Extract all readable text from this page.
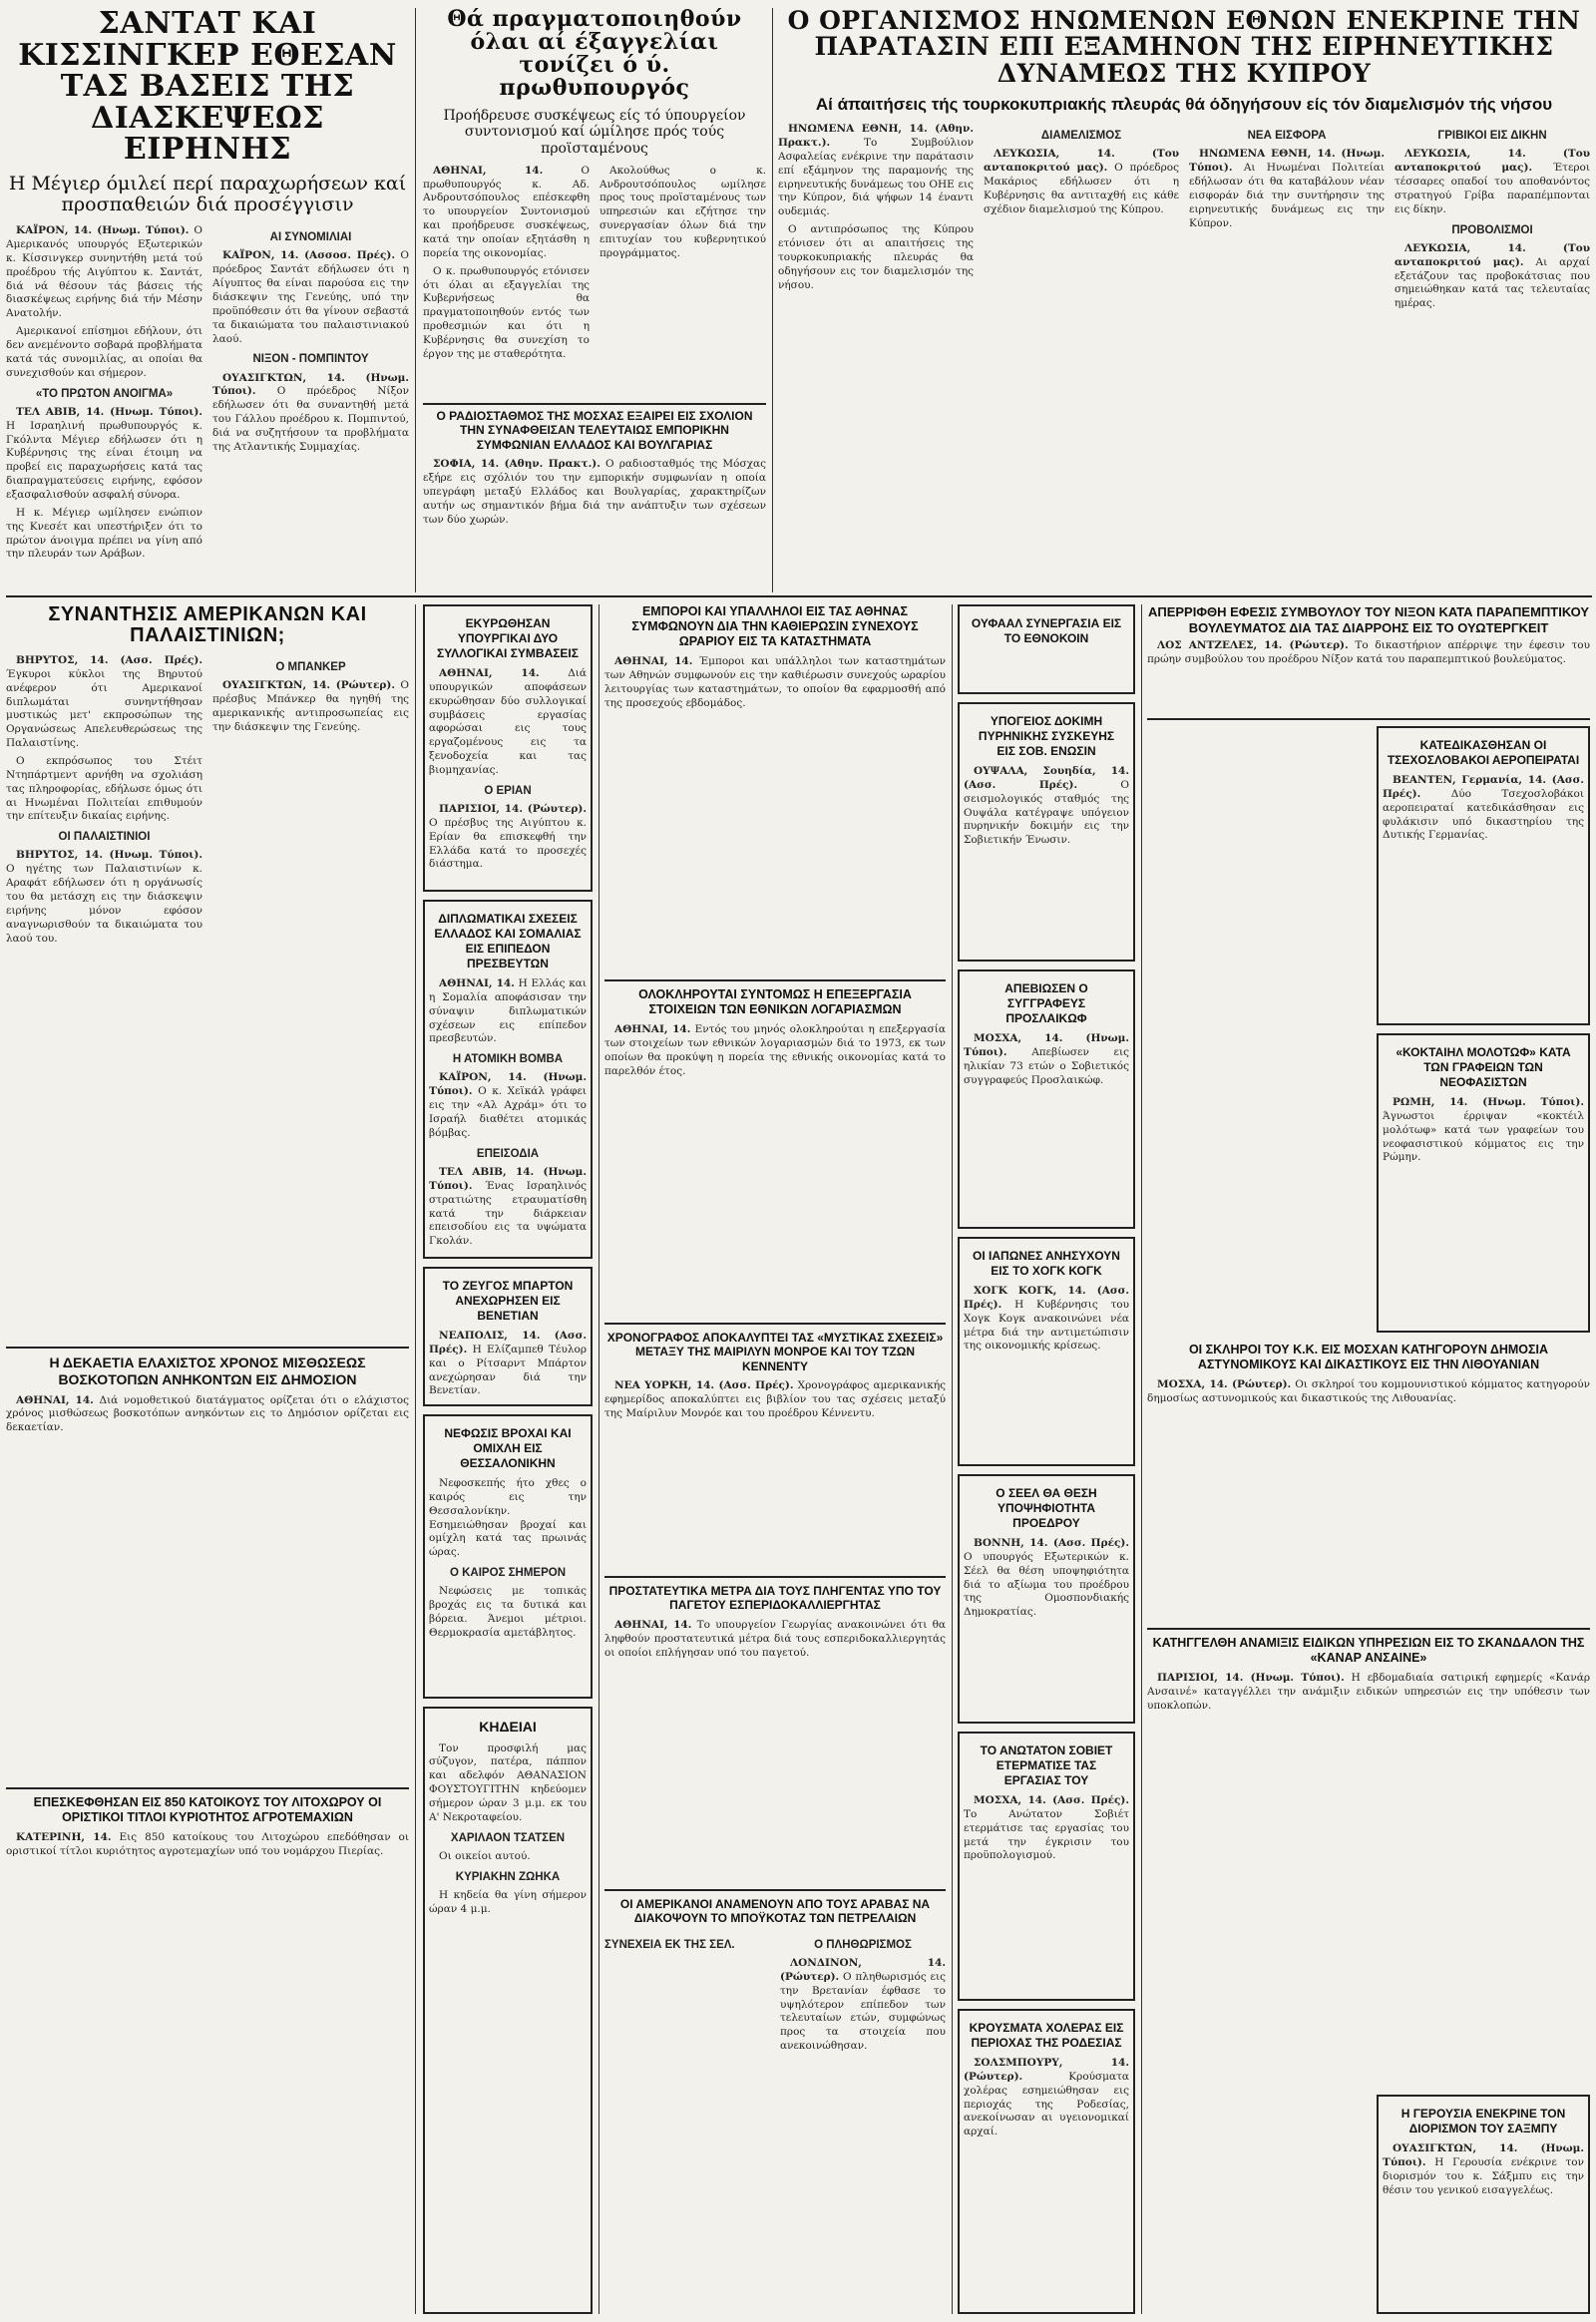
ΣΑΝΤΑΤ ΚΑΙ ΚΙΣΣΙΝΓΚΕΡ ΕΘΕΣΑΝ ΤΑΣ ΒΑΣΕΙΣ ΤΗΣ ΔΙΑΣΚΕΨΕΩΣ ΕΙΡΗΝΗΣ
Η Μέγιερ όμιλεί περί παραχωρήσεων καί προσπαθειών διά προσέγγισιν

ΚΑΪΡΟΝ, 14. (Ηνωμ. Τύποι). Ο Αμερικανός υπουργός Εξωτερικών κ. Κίσσινγκερ συνηντήθη μετά τού προέδρου τής Αιγύπτου κ. Σαντάτ, διά νά θέσουν τάς βάσεις τής διασκέψεως ειρήνης διά τήν Μέσην Ανατολήν.

Αμερικανοί επίσημοι εδήλουν, ότι δεν ανεμένοντο σοβαρά προβλήματα κατά τάς συνομιλίας, αι οποίαι θα συνεχισθούν και σήμερον.

«ΤΟ ΠΡΩΤΟΝ ΑΝΟΙΓΜΑ»

ΤΕΛ ΑΒΙΒ, 14. (Ηνωμ. Τύποι). Η Ισραηλινή πρωθυπουργός κ. Γκόλντα Μέγιερ εδήλωσεν ότι η Κυβέρνησις της είναι έτοιμη να προβεί εις παραχωρήσεις κατά τας διαπραγματεύσεις ειρήνης, εφόσον εξασφαλισθούν ασφαλή σύνορα.

Η κ. Μέγιερ ωμίλησεν ενώπιον της Κνεσέτ και υπεστήριξεν ότι το πρώτον άνοιγμα πρέπει να γίνη από την πλευράν των Αράβων.

ΑΙ ΣΥΝΟΜΙΛΙΑΙ

ΚΑΪΡΟΝ, 14. (Ασσοσ. Πρές). Ο πρόεδρος Σαντάτ εδήλωσεν ότι η Αίγυπτος θα είναι παρούσα εις την διάσκεψιν της Γενεύης, υπό την προϋπόθεσιν ότι θα γίνουν σεβαστά τα δικαιώματα του παλαιστινιακού λαού.

ΝΙΞΟΝ - ΠΟΜΠΙΝΤΟΥ

ΟΥΑΣΙΓΚΤΩΝ, 14. (Ηνωμ. Τύποι). Ο πρόεδρος Νίξον εδήλωσεν ότι θα συναντηθή μετά του Γάλλου προέδρου κ. Πομπιντού, διά να συζητήσουν τα προβλήματα της Ατλαντικής Συμμαχίας.

Θά πραγματοποιηθούν όλαι αί έξαγγελίαι τονίζει ό ύ. πρωθυπουργός
Προήδρευσε συσκέψεως είς τό ύπουργείον συντονισμού καί ώμίλησε πρός τούς προϊσταμένους

ΑΘΗΝΑΙ, 14.	Ο πρωθυπουργός κ. Αδ. Ανδρουτσόπουλος επέσκεφθη το υπουργείον Συντονισμού και προήδρευσε συσκέψεως, κατά την οποίαν εξητάσθη η πορεία της οικονομίας.

Ο κ. πρωθυπουργός ετόνισεν ότι όλαι αι εξαγγελίαι της Κυβερνήσεως θα πραγματοποιηθούν εντός των προθεσμιών και ότι η Κυβέρνησις θα συνεχίση το έργον της με σταθερότητα.

Ακολούθως ο κ. Ανδρουτσόπουλος ωμίλησε προς τους προϊσταμένους των υπηρεσιών και εζήτησε την συνεργασίαν όλων διά την επιτυχίαν του κυβερνητικού προγράμματος.

Ο ΡΑΔΙΟΣΤΑΘΜΟΣ ΤΗΣ ΜΟΣΧΑΣ ΕΞΑΙΡΕΙ ΕΙΣ ΣΧΟΛΙΟΝ ΤΗΝ ΣΥΝΑΦΘΕΙΣΑΝ ΤΕΛΕΥΤΑΙΩΣ ΕΜΠΟΡΙΚΗΝ ΣΥΜΦΩΝΙΑΝ ΕΛΛΑΔΟΣ ΚΑΙ ΒΟΥΛΓΑΡΙΑΣ

ΣΟΦΙΑ, 14. (Αθην. Πρακτ.). Ο ραδιοσταθμός της Μόσχας εξήρε εις σχόλιόν του την εμπορικήν συμφωνίαν η οποία υπεγράφη μεταξύ Ελλάδος και Βουλγαρίας, χαρακτηρίζων αυτήν ως σημαντικόν βήμα διά την ανάπτυξιν των σχέσεων των δύο χωρών.

Ο ΟΡΓΑΝΙΣΜΟΣ ΗΝΩΜΕΝΩΝ ΕΘΝΩΝ ΕΝΕΚΡΙΝΕ ΤΗΝ ΠΑΡΑΤΑΣΙΝ ΕΠΙ ΕΞΑΜΗΝΟΝ ΤΗΣ ΕΙΡΗΝΕΥΤΙΚΗΣ ΔΥΝΑΜΕΩΣ ΤΗΣ ΚΥΠΡΟΥ
Αί άπαιτήσεις τής τουρκοκυπριακής πλευράς θά όδηγήσουν είς τόν διαμελισμόν τής νήσου

ΗΝΩΜΕΝΑ ΕΘΝΗ, 14. (Αθην. Πρακτ.).	Το Συμβούλιον Ασφαλείας ενέκρινε την παράτασιν επί εξάμηνον της παραμονής της ειρηνευτικής δυνάμεως του ΟΗΕ εις την Κύπρον, διά ψήφων 14 έναντι ουδεμιάς.

Ο αντιπρόσωπος της Κύπρου ετόνισεν ότι αι απαιτήσεις της τουρκοκυπριακής πλευράς θα οδηγήσουν εις τον διαμελισμόν της νήσου.

ΔΙΑΜΕΛΙΣΜΟΣ

ΛΕΥΚΩΣΙΑ, 14. (Του ανταποκριτού μας). Ο πρόεδρος Μακάριος εδήλωσεν ότι η Κυβέρνησις θα αντιταχθή εις κάθε σχέδιον διαμελισμού της Κύπρου.

ΝΕΑ ΕΙΣΦΟΡΑ

ΗΝΩΜΕΝΑ ΕΘΝΗ, 14. (Ηνωμ. Τύποι). Αι Ηνωμέναι Πολιτείαι εδήλωσαν ότι θα καταβάλουν νέαν εισφοράν διά την συντήρησιν της ειρηνευτικής δυνάμεως εις την Κύπρον.

ΓΡΙΒΙΚΟΙ ΕΙΣ ΔΙΚΗΝ

ΛΕΥΚΩΣΙΑ, 14. (Του ανταποκριτού μας). Έτεροι τέσσαρες οπαδοί του αποθανόντος στρατηγού Γρίβα παραπέμπονται εις δίκην.

ΠΡΟΒΟΛΙΣΜΟΙ

ΛΕΥΚΩΣΙΑ, 14. (Του ανταποκριτού μας). Αι αρχαί εξετάζουν τας προβοκάτσιας που σημειώθηκαν κατά τας τελευταίας ημέρας.

ΣΥΝΑΝΤΗΣΙΣ ΑΜΕΡΙΚΑΝΩΝ ΚΑΙ ΠΑΛΑΙΣΤΙΝΙΩΝ;

ΒΗΡΥΤΟΣ, 14. (Ασσ. Πρές). Έγκυροι κύκλοι της Βηρυτού ανέφερον ότι Αμερικανοί διπλωμάται συνηντήθησαν μυστικώς μετ' εκπροσώπων της Οργανώσεως Απελευθερώσεως της Παλαιστίνης.

Ο εκπρόσωπος του Στέιτ Ντηπάρτμεντ αρνήθη να σχολιάση τας πληροφορίας, εδήλωσε όμως ότι αι Ηνωμέναι Πολιτείαι επιθυμούν την επίτευξιν δικαίας ειρήνης.

ΟΙ ΠΑΛΑΙΣΤΙΝΙΟΙ

ΒΗΡΥΤΟΣ, 14. (Ηνωμ. Τύποι). Ο ηγέτης των Παλαιστινίων κ. Αραφάτ εδήλωσεν ότι η οργάνωσίς του θα μετάσχη εις την διάσκεψιν ειρήνης μόνον εφόσον αναγνωρισθούν τα δικαιώματα του λαού του.

Ο ΜΠΑΝΚΕΡ

ΟΥΑΣΙΓΚΤΩΝ, 14. (Ρώυτερ). Ο πρέσβυς Μπάνκερ θα ηγηθή της αμερικανικής αντιπροσωπείας εις την διάσκεψιν της Γενεύης.

Η ΔΕΚΑΕΤΙΑ ΕΛΑΧΙΣΤΟΣ ΧΡΟΝΟΣ ΜΙΣΘΩΣΕΩΣ ΒΟΣΚΟΤΟΠΩΝ ΑΝΗΚΟΝΤΩΝ ΕΙΣ ΔΗΜΟΣΙΟΝ

ΑΘΗΝΑΙ, 14. Διά νομοθετικού διατάγματος ορίζεται ότι ο ελάχιστος χρόνος μισθώσεως βοσκοτόπων ανηκόντων εις το Δημόσιον ορίζεται εις δεκαετίαν.

ΕΠΕΣΚΕΦΘΗΣΑΝ ΕΙΣ 850 ΚΑΤΟΙΚΟΥΣ ΤΟΥ ΛΙΤΟΧΩΡΟΥ ΟΙ ΟΡΙΣΤΙΚΟΙ ΤΙΤΛΟΙ ΚΥΡΙΟΤΗΤΟΣ ΑΓΡΟΤΕΜΑΧΙΩΝ

ΚΑΤΕΡΙΝΗ, 14. Εις 850 κατοίκους του Λιτοχώρου επεδόθησαν οι οριστικοί τίτλοι κυριότητος αγροτεμαχίων υπό του νομάρχου Πιερίας.

ΕΚΥΡΩΘΗΣΑΝ ΥΠΟΥΡΓΙΚΑΙ ΔΥΟ ΣΥΛΛΟΓΙΚΑΙ ΣΥΜΒΑΣΕΙΣ

ΑΘΗΝΑΙ, 14.	Διά υπουργικών αποφάσεων εκυρώθησαν δύο συλλογικαί συμβάσεις εργασίας αφορώσαι εις τους εργαζομένους εις τα ξενοδοχεία και τας βιομηχανίας.

Ο ΕΡΙΑΝ

ΠΑΡΙΣΙΟΙ, 14. (Ρώυτερ). Ο πρέσβυς της Αιγύπτου κ. Ερίαν θα επισκεφθή την Ελλάδα κατά το προσεχές διάστημα.

ΔΙΠΛΩΜΑΤΙΚΑΙ ΣΧΕΣΕΙΣ ΕΛΛΑΔΟΣ ΚΑΙ ΣΟΜΑΛΙΑΣ ΕΙΣ ΕΠΙΠΕΔΟΝ ΠΡΕΣΒΕΥΤΩΝ

ΑΘΗΝΑΙ, 14. Η Ελλάς και η Σομαλία αποφάσισαν την σύναψιν διπλωματικών σχέσεων εις επίπεδον πρεσβευτών.

Η ΑΤΟΜΙΚΗ ΒΟΜΒΑ

ΚΑΪΡΟΝ, 14. (Ηνωμ. Τύποι). Ο κ. Χεϊκάλ γράφει εις την «Αλ Αχράμ» ότι το Ισραήλ διαθέτει ατομικάς βόμβας.

ΕΠΕΙΣΟΔΙΑ

ΤΕΛ ΑΒΙΒ, 14. (Ηνωμ. Τύποι). Ένας Ισραηλινός στρατιώτης ετραυματίσθη κατά την διάρκειαν επεισοδίου εις τα υψώματα Γκολάν.

ΤΟ ΖΕΥΓΟΣ ΜΠΑΡΤΟΝ ΑΝΕΧΩΡΗΣΕΝ ΕΙΣ ΒΕΝΕΤΙΑΝ

ΝΕΑΠΟΛΙΣ, 14. (Ασσ. Πρές). Η Ελίζαμπεθ Τέυλορ και ο Ρίτσαρντ Μπάρτον ανεχώρησαν διά την Βενετίαν.

ΝΕΦΩΣΙΣ ΒΡΟΧΑΙ ΚΑΙ ΟΜΙΧΛΗ ΕΙΣ ΘΕΣΣΑΛΟΝΙΚΗΝ

Νεφοσκεπής ήτο χθες ο καιρός εις την Θεσσαλονίκην. Εσημειώθησαν βροχαί και ομίχλη κατά τας πρωινάς ώρας.

Ο ΚΑΙΡΟΣ ΣΗΜΕΡΟΝ

Νεφώσεις με τοπικάς βροχάς εις τα δυτικά και βόρεια. Άνεμοι μέτριοι. Θερμοκρασία αμετάβλητος.

ΚΗΔΕΙΑΙ

Τον προσφιλή μας σύζυγον, πατέρα, πάππον και αδελφόν ΑΘΑΝΑΣΙΟΝ ΦΟΥΣΤΟΥΓΙΤΗΝ κηδεύομεν σήμερον ώραν 3 μ.μ. εκ του Α' Νεκροταφείου.

ΧΑΡΙΛΑΟΝ ΤΣΑΤΣΕΝ

Οι οικείοι αυτού.

ΚΥΡΙΑΚΗΝ ΖΩΗΚΑ

Η κηδεία θα γίνη σήμερον ώραν 4 μ.μ.

ΕΜΠΟΡΟΙ ΚΑΙ ΥΠΑΛΛΗΛΟΙ ΕΙΣ ΤΑΣ ΑΘΗΝΑΣ ΣΥΜΦΩΝΟΥΝ ΔΙΑ ΤΗΝ ΚΑΘΙΕΡΩΣΙΝ ΣΥΝΕΧΟΥΣ ΩΡΑΡΙΟΥ ΕΙΣ ΤΑ ΚΑΤΑΣΤΗΜΑΤΑ

ΑΘΗΝΑΙ, 14. Έμποροι και υπάλληλοι των καταστημάτων των Αθηνών συμφωνούν εις την καθιέρωσιν συνεχούς ωραρίου λειτουργίας των καταστημάτων, το οποίον θα εφαρμοσθή από της προσεχούς εβδομάδος.

ΟΛΟΚΛΗΡΟΥΤΑΙ ΣΥΝΤΟΜΩΣ Η ΕΠΕΞΕΡΓΑΣΙΑ ΣΤΟΙΧΕΙΩΝ ΤΩΝ ΕΘΝΙΚΩΝ ΛΟΓΑΡΙΑΣΜΩΝ

ΑΘΗΝΑΙ, 14. Εντός του μηνός ολοκληρούται η επεξεργασία των στοιχείων των εθνικών λογαριασμών διά το 1973, εκ των οποίων θα προκύψη η πορεία της εθνικής οικονομίας κατά το παρελθόν έτος.

ΧΡΟΝΟΓΡΑΦΟΣ ΑΠΟΚΑΛΥΠΤΕΙ ΤΑΣ «ΜΥΣΤΙΚΑΣ ΣΧΕΣΕΙΣ» ΜΕΤΑΞΥ ΤΗΣ ΜΑΙΡΙΛΥΝ ΜΟΝΡΟΕ ΚΑΙ ΤΟΥ ΤΖΩΝ ΚΕΝΝΕΝΤΥ

ΝΕΑ ΥΟΡΚΗ, 14. (Ασσ. Πρές). Χρονογράφος αμερικανικής εφημερίδος αποκαλύπτει εις βιβλίον του τας σχέσεις μεταξύ της Μαίριλυν Μονρόε και του προέδρου Κέννεντυ.

ΠΡΟΣΤΑΤΕΥΤΙΚΑ ΜΕΤΡΑ ΔΙΑ ΤΟΥΣ ΠΛΗΓΕΝΤΑΣ ΥΠΟ ΤΟΥ ΠΑΓΕΤΟΥ ΕΣΠΕΡΙΔΟΚΑΛΛΙΕΡΓΗΤΑΣ

ΑΘΗΝΑΙ, 14. Το υπουργείον Γεωργίας ανακοινώνει ότι θα ληφθούν προστατευτικά μέτρα διά τους εσπεριδοκαλλιεργητάς οι οποίοι επλήγησαν υπό του παγετού.

ΟΙ ΑΜΕΡΙΚΑΝΟΙ ΑΝΑΜΕΝΟΥΝ ΑΠΟ ΤΟΥΣ ΑΡΑΒΑΣ ΝΑ ΔΙΑΚΟΨΟΥΝ ΤΟ ΜΠΟΫΚΟΤΑΖ ΤΩΝ ΠΕΤΡΕΛΑΙΩΝ
ΣΥΝΕΧΕΙΑ ΕΚ ΤΗΣ ΣΕΛ.	Ο ΠΛΗΘΩΡΙΣΜΟΣ

ΛΟΝΔΙΝΟΝ, 14. (Ρώυτερ). Ο πληθωρισμός εις την Βρετανίαν έφθασε το υψηλότερον επίπεδον των τελευταίων ετών, συμφώνως προς τα στοιχεία που ανεκοινώθησαν.

ΟΥΦΑΑΛ ΣΥΝΕΡΓΑΣΙΑ ΕΙΣ ΤΟ ΕΘΝΟΚΟΙΝ
ΥΠΟΓΕΙΟΣ ΔΟΚΙΜΗ ΠΥΡΗΝΙΚΗΣ ΣΥΣΚΕΥΗΣ ΕΙΣ ΣΟΒ. ΕΝΩΣΙΝ

ΟΥΨΑΛΑ, Σουηδία, 14. (Ασσ. Πρές).	Ο σεισμολογικός σταθμός της Ουψάλα κατέγραψε υπόγειον πυρηνικήν δοκιμήν εις την Σοβιετικήν Ένωσιν.

ΑΠΕΒΙΩΣΕΝ Ο ΣΥΓΓΡΑΦΕΥΣ ΠΡΟΣΛΑΙΚΩΦ

ΜΟΣΧΑ, 14. (Ηνωμ. Τύποι). Απεβίωσεν εις ηλικίαν 73 ετών ο Σοβιετικός συγγραφεύς Προσλαικώφ.

ΟΙ ΙΑΠΩΝΕΣ ΑΝΗΣΥΧΟΥΝ ΕΙΣ ΤΟ ΧΟΓΚ ΚΟΓΚ

ΧΟΓΚ ΚΟΓΚ, 14. (Ασσ. Πρές). Η Κυβέρνησις του Χογκ Κογκ ανακοινώνει νέα μέτρα διά την αντιμετώπισιν της οικονομικής κρίσεως.

Ο ΣΕΕΛ ΘΑ ΘΕΣΗ ΥΠΟΨΗΦΙΟΤΗΤΑ ΠΡΟΕΔΡΟΥ

ΒΟΝΝΗ, 14. (Ασσ. Πρές). Ο υπουργός Εξωτερικών κ. Σέελ θα θέση υποψηφιότητα διά το αξίωμα του προέδρου της Ομοσπονδιακής Δημοκρατίας.

ΤΟ ΑΝΩΤΑΤΟΝ ΣΟΒΙΕΤ ΕΤΕΡΜΑΤΙΣΕ ΤΑΣ ΕΡΓΑΣΙΑΣ ΤΟΥ

ΜΟΣΧΑ, 14. (Ασσ. Πρές). Το Ανώτατον Σοβιέτ ετερμάτισε τας εργασίας του μετά την έγκρισιν του προϋπολογισμού.

ΚΡΟΥΣΜΑΤΑ ΧΟΛΕΡΑΣ ΕΙΣ ΠΕΡΙΟΧΑΣ ΤΗΣ ΡΟΔΕΣΙΑΣ

ΣΟΛΣΜΠΟΥΡΥ, 14. (Ρώυτερ).	Κρούσματα χολέρας εσημειώθησαν εις περιοχάς της Ροδεσίας, ανεκοίνωσαν αι υγειονομικαί αρχαί.

ΑΠΕΡΡΙΦΘΗ ΕΦΕΣΙΣ ΣΥΜΒΟΥΛΟΥ ΤΟΥ ΝΙΞΟΝ ΚΑΤΑ ΠΑΡΑΠΕΜΠΤΙΚΟΥ ΒΟΥΛΕΥΜΑΤΟΣ ΔΙΑ ΤΑΣ ΔΙΑΡΡΟΗΣ ΕΙΣ ΤΟ ΟΥΩΤΕΡΓΚΕΙΤ

ΛΟΣ ΑΝΤΖΕΛΕΣ, 14. (Ρώυτερ). Το δικαστήριον απέρριψε την έφεσιν του πρώην συμβούλου του προέδρου Νίξον κατά του παραπεμπτικού βουλεύματος.

ΚΑΤΕΔΙΚΑΣΘΗΣΑΝ ΟΙ ΤΣΕΧΟΣΛΟΒΑΚΟΙ ΑΕΡΟΠΕΙΡΑΤΑΙ

ΒΕΑΝΤΕΝ, Γερμανία, 14. (Ασσ. Πρές).	Δύο Τσεχοσλοβάκοι αεροπειραταί κατεδικάσθησαν εις φυλάκισιν υπό δικαστηρίου της Δυτικής Γερμανίας.

«ΚΟΚΤΑΙΗΛ ΜΟΛΟΤΩΦ» ΚΑΤΑ ΤΩΝ ΓΡΑΦΕΙΩΝ ΤΩΝ ΝΕΟΦΑΣΙΣΤΩΝ

ΡΩΜΗ, 14. (Ηνωμ. Τύποι). Άγνωστοι έρριψαν «κοκτέιλ μολότωφ» κατά των γραφείων του νεοφασιστικού κόμματος εις την Ρώμην.

ΟΙ ΣΚΛΗΡΟΙ ΤΟΥ Κ.Κ. ΕΙΣ ΜΟΣΧΑΝ ΚΑΤΗΓΟΡΟΥΝ ΔΗΜΟΣΙΑ ΑΣΤΥΝΟΜΙΚΟΥΣ ΚΑΙ ΔΙΚΑΣΤΙΚΟΥΣ ΕΙΣ ΤΗΝ ΛΙΘΟΥΑΝΙΑΝ

ΜΟΣΧΑ, 14. (Ρώυτερ). Οι σκληροί του κομμουνιστικού κόμματος κατηγορούν δημοσίως αστυνομικούς και δικαστικούς της Λιθουανίας.

ΚΑΤΗΓΓΕΛΘΗ ΑΝΑΜΙΞΙΣ ΕΙΔΙΚΩΝ ΥΠΗΡΕΣΙΩΝ ΕΙΣ ΤΟ ΣΚΑΝΔΑΛΟΝ ΤΗΣ «ΚΑΝΑΡ ΑΝΣΑΙΝΕ»

ΠΑΡΙΣΙΟΙ, 14. (Ηνωμ. Τύποι). Η εβδομαδιαία σατιρική εφημερίς «Κανάρ Ανσαινέ» καταγγέλλει την ανάμιξιν ειδικών υπηρεσιών εις την υπόθεσιν των υποκλοπών.

Η ΓΕΡΟΥΣΙΑ ΕΝΕΚΡΙΝΕ ΤΟΝ ΔΙΟΡΙΣΜΟΝ ΤΟΥ ΣΑΞΜΠΥ

ΟΥΑΣΙΓΚΤΩΝ, 14. (Ηνωμ. Τύποι). Η Γερουσία ενέκρινε τον διορισμόν του κ. Σάξμπυ εις την θέσιν του γενικού εισαγγελέως.
